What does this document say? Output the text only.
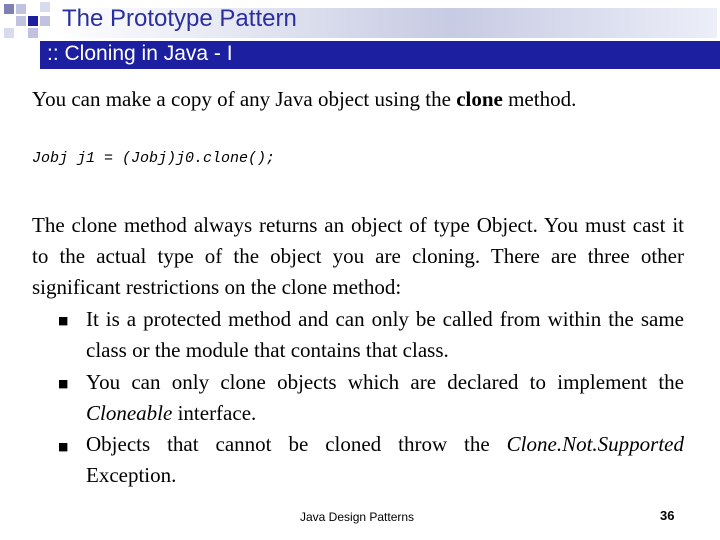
The Prototype Pattern
:: Cloning in Java - I
You can make a copy of any Java object using the clone method.
Jobj j1 = (Jobj)j0.clone();
The clone method always returns an object of type Object. You must cast it to the actual type of the object you are cloning. There are three other significant restrictions on the clone method:
■ It is a protected method and can only be called from within the same class or the module that contains that class.
■ You can only clone objects which are declared to implement the Cloneable interface.
■ Objects that cannot be cloned throw the Clone.Not.Supported Exception.
Java Design Patterns	36
